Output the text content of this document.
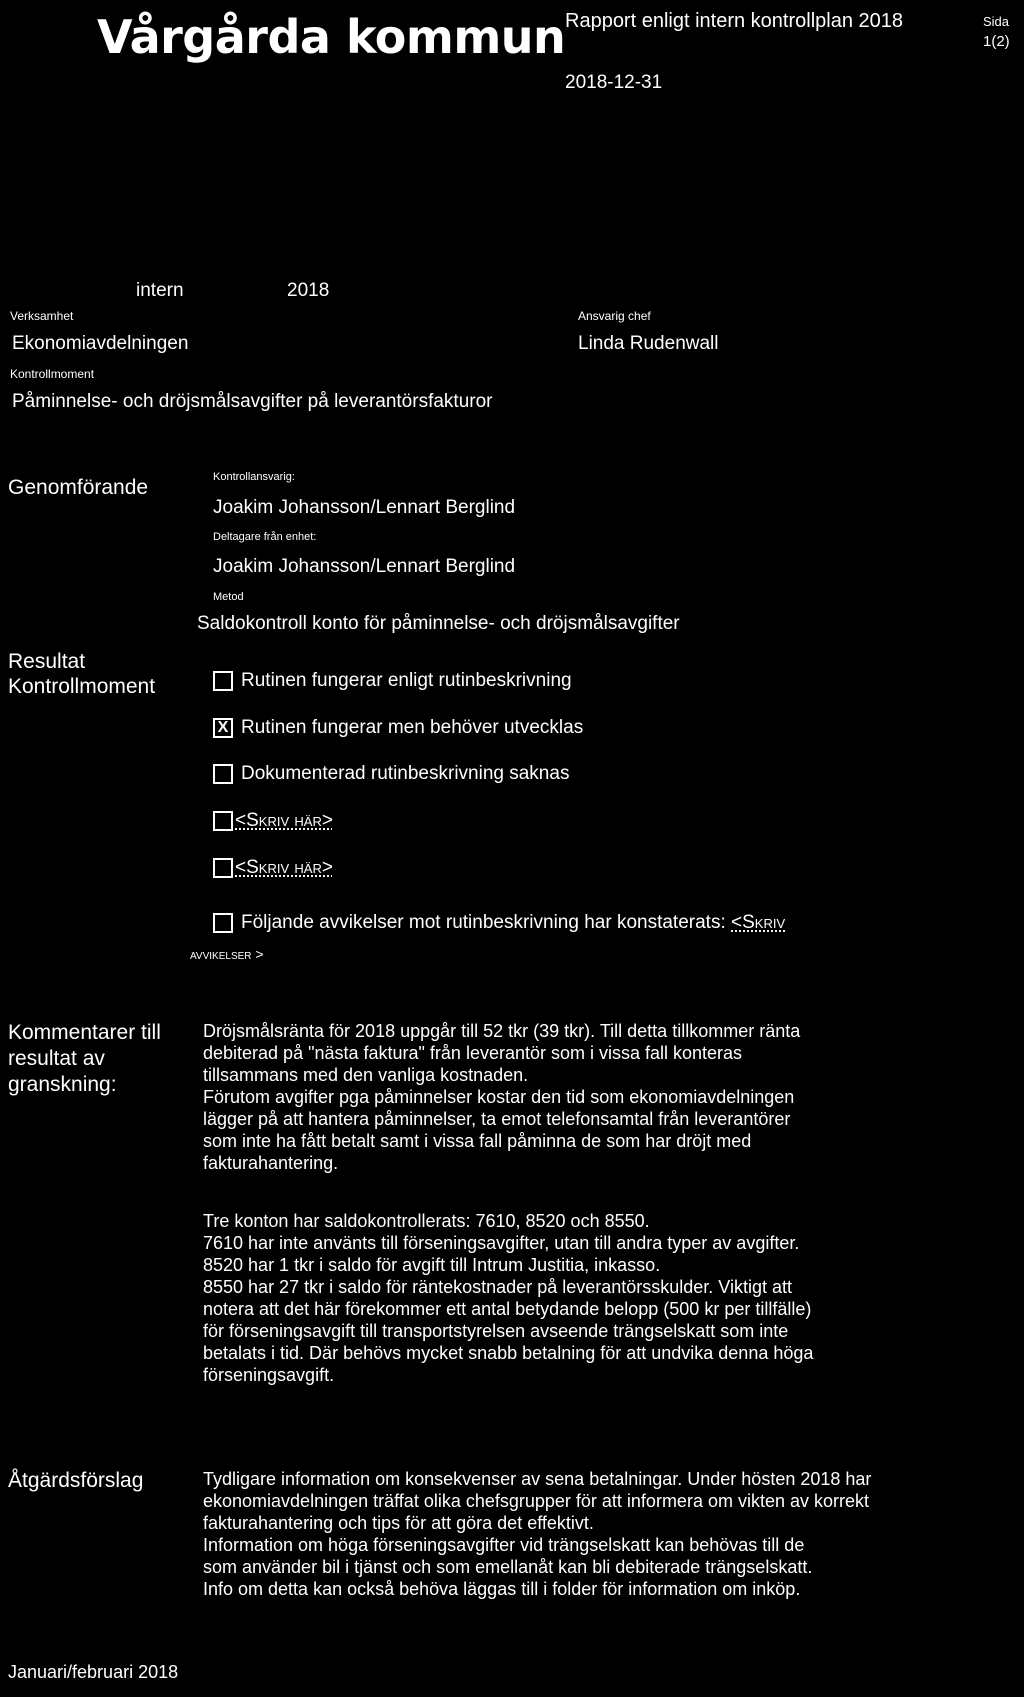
Vårgårda kommun Rapport enligt intern kontrollplan 2018	Sida
1(2)
2018-12-31
intern	2018
Verksamhet
Ekonomiavdelningen
Ansvarig chef
Linda Rudenwall
Kontrollmoment
Påminnelse- och dröjsmålsavgifter på leverantörsfakturor
Genomförande	Kontrollansvarig:
Joakim Johansson/Lennart Berglind
Deltagare från enhet:
Joakim Johansson/Lennart Berglind
Metod
Saldokontroll konto för påminnelse- och dröjsmålsavgifter
Resultat
Kontrollmoment	Rutinen fungerar enligt rutinbeskrivning
X Rutinen fungerar men behöver utvecklas
Dokumenterad rutinbeskrivning saknas
<Skriv här>
<Skriv här>
Följande avvikelser mot rutinbeskrivning har konstaterats: <Skriv
avvikelser >
Kommentarer till
resultat av
granskning:

Dröjsmålsränta för 2018 uppgår till 52 tkr (39 tkr). Till detta tillkommer ränta

debiterad på "nästa faktura" från leverantör som i vissa fall konteras

tillsammans med den vanliga kostnaden.

Förutom avgifter pga påminnelser kostar den tid som ekonomiavdelningen

lägger på att hantera påminnelser, ta emot telefonsamtal från leverantörer

som inte ha fått betalt samt i vissa fall påminna de som har dröjt med

fakturahantering.

Tre konton har saldokontrollerats: 7610, 8520 och 8550.

7610 har inte använts till förseningsavgifter, utan till andra typer av avgifter.

8520 har 1 tkr i saldo för avgift till Intrum Justitia, inkasso.

8550 har 27 tkr i saldo för räntekostnader på leverantörsskulder. Viktigt att

notera att det här förekommer ett antal betydande belopp (500 kr per tillfälle)

för förseningsavgift till transportstyrelsen avseende trängselskatt som inte

betalats i tid. Där behövs mycket snabb betalning för att undvika denna höga

förseningsavgift.

Åtgärdsförslag	Tydligare information om konsekvenser av sena betalningar. Under hösten 2018 har

ekonomiavdelningen träffat olika chefsgrupper för att informera om vikten av korrekt

fakturahantering och tips för att göra det effektivt.

Information om höga förseningsavgifter vid trängselskatt kan behövas till de

som använder bil i tjänst och som emellanåt kan bli debiterade trängselskatt.

Info om detta kan också behöva läggas till i folder för information om inköp.

Januari/februari 2018
